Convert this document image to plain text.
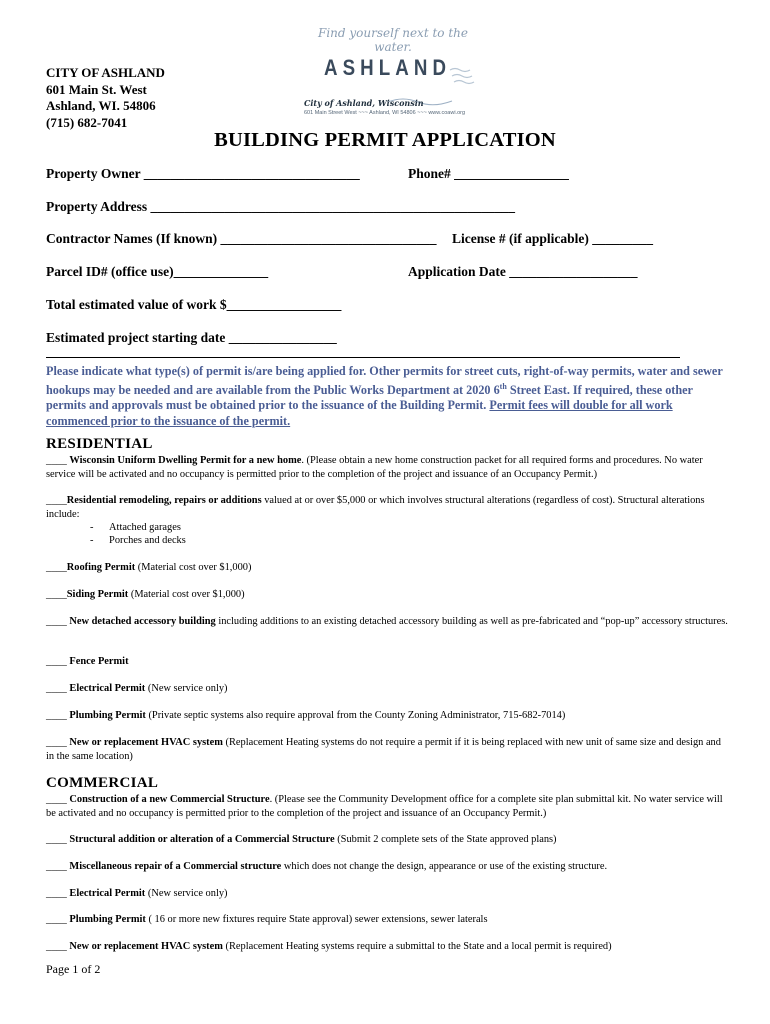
CITY OF ASHLAND
601 Main St. West
Ashland, WI. 54806
(715) 682-7041
Find yourself next to the water.
ASHLAND
City of Ashland, Wisconsin
601 Main Street West ~~~ Ashland, WI 54806 ~~~ www.coawi.org
BUILDING PERMIT APPLICATION
Property Owner ________________________________	Phone# _________________
Property Address ______________________________________________________
Contractor Names (If known) ________________________________ License # (if applicable) _________
Parcel ID# (office use)______________	Application Date ___________________
Total estimated value of work $_________________
Estimated project starting date ________________
Please indicate what type(s) of permit is/are being applied for. Other permits for street cuts, right-of-way permits, water and sewer hookups may be needed and are available from the Public Works Department at 2020 6th Street East. If required, these other permits and approvals must be obtained prior to the issuance of the Building Permit. Permit fees will double for all work commenced prior to the issuance of the permit.
RESIDENTIAL
____ Wisconsin Uniform Dwelling Permit for a new home. (Please obtain a new home construction packet for all required forms and procedures. No water service will be activated and no occupancy is permitted prior to the completion of the project and issuance of an Occupancy Permit.)
____Residential remodeling, repairs or additions valued at or over $5,000 or which involves structural alterations (regardless of cost). Structural alterations include:
-      Attached garages
-      Porches and decks
____Roofing Permit (Material cost over $1,000)
____Siding Permit (Material cost over $1,000)
____ New detached accessory building including additions to an existing detached accessory building as well as pre-fabricated and “pop-up” accessory structures.
____ Fence Permit
____ Electrical Permit (New service only)
____ Plumbing Permit (Private septic systems also require approval from the County Zoning Administrator, 715-682-7014)
____ New or replacement HVAC system (Replacement Heating systems do not require a permit if it is being replaced with new unit of same size and design and in the same location)
COMMERCIAL
____ Construction of a new Commercial Structure. (Please see the Community Development office for a complete site plan submittal kit. No water service will be activated and no occupancy is permitted prior to the completion of the project and issuance of an Occupancy Permit.)
____ Structural addition or alteration of a Commercial Structure (Submit 2 complete sets of the State approved plans)
____ Miscellaneous repair of a Commercial structure which does not change the design, appearance or use of the existing structure.
____ Electrical Permit (New service only)
____ Plumbing Permit ( 16 or more new fixtures require State approval) sewer extensions, sewer laterals
____ New or replacement HVAC system (Replacement Heating systems require a submittal to the State and a local permit is required)
Page 1 of 2
